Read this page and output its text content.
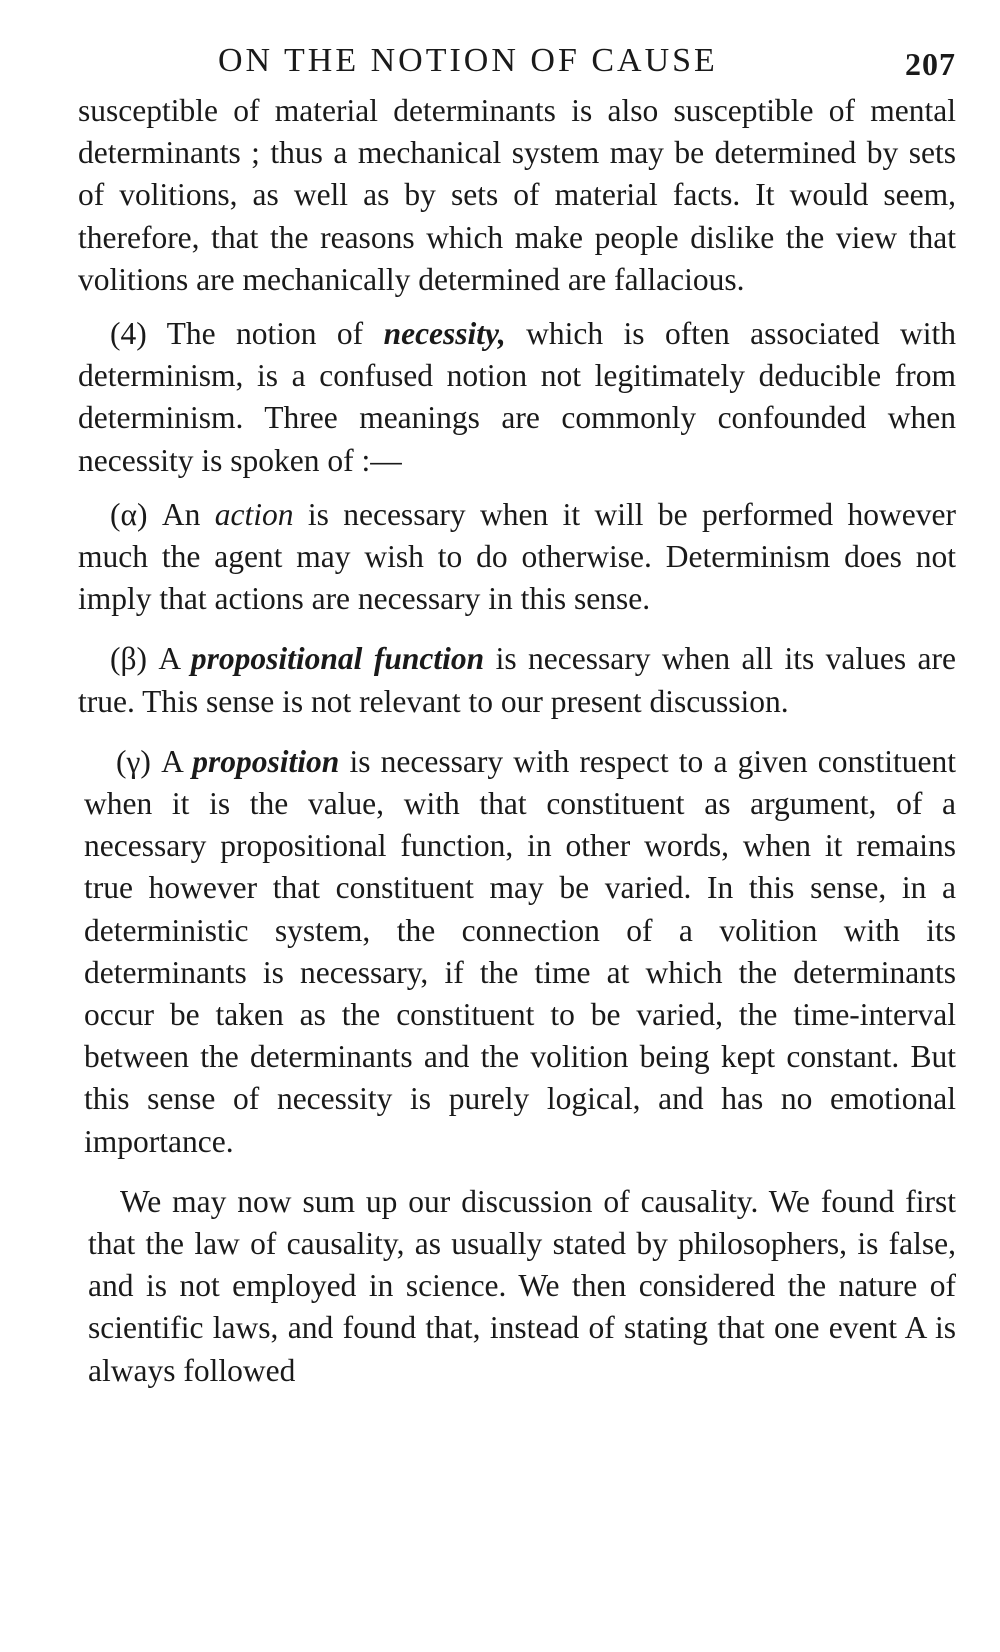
ON THE NOTION OF CAUSE	207

susceptible of material determinants is also susceptible of mental determinants ; thus a mechanical system may be determined by sets of volitions, as well as by sets of material facts. It would seem, therefore, that the reasons which make people dislike the view that volitions are mechanically determined are fallacious.

(4) The notion of necessity, which is often associated with determinism, is a confused notion not legitimately deducible from determinism. Three meanings are commonly confounded when necessity is spoken of :—

(α) An action is necessary when it will be performed however much the agent may wish to do otherwise. Determinism does not imply that actions are necessary in this sense.

(β) A propositional function is necessary when all its values are true. This sense is not relevant to our present discussion.

(γ) A proposition is necessary with respect to a given constituent when it is the value, with that constituent as argument, of a necessary propositional function, in other words, when it remains true however that constituent may be varied. In this sense, in a deterministic system, the connection of a volition with its determinants is necessary, if the time at which the determinants occur be taken as the constituent to be varied, the time-interval between the determinants and the volition being kept constant. But this sense of necessity is purely logical, and has no emotional importance.

We may now sum up our discussion of causality. We found first that the law of causality, as usually stated by philosophers, is false, and is not employed in science. We then considered the nature of scientific laws, and found that, instead of stating that one event A is always followed
